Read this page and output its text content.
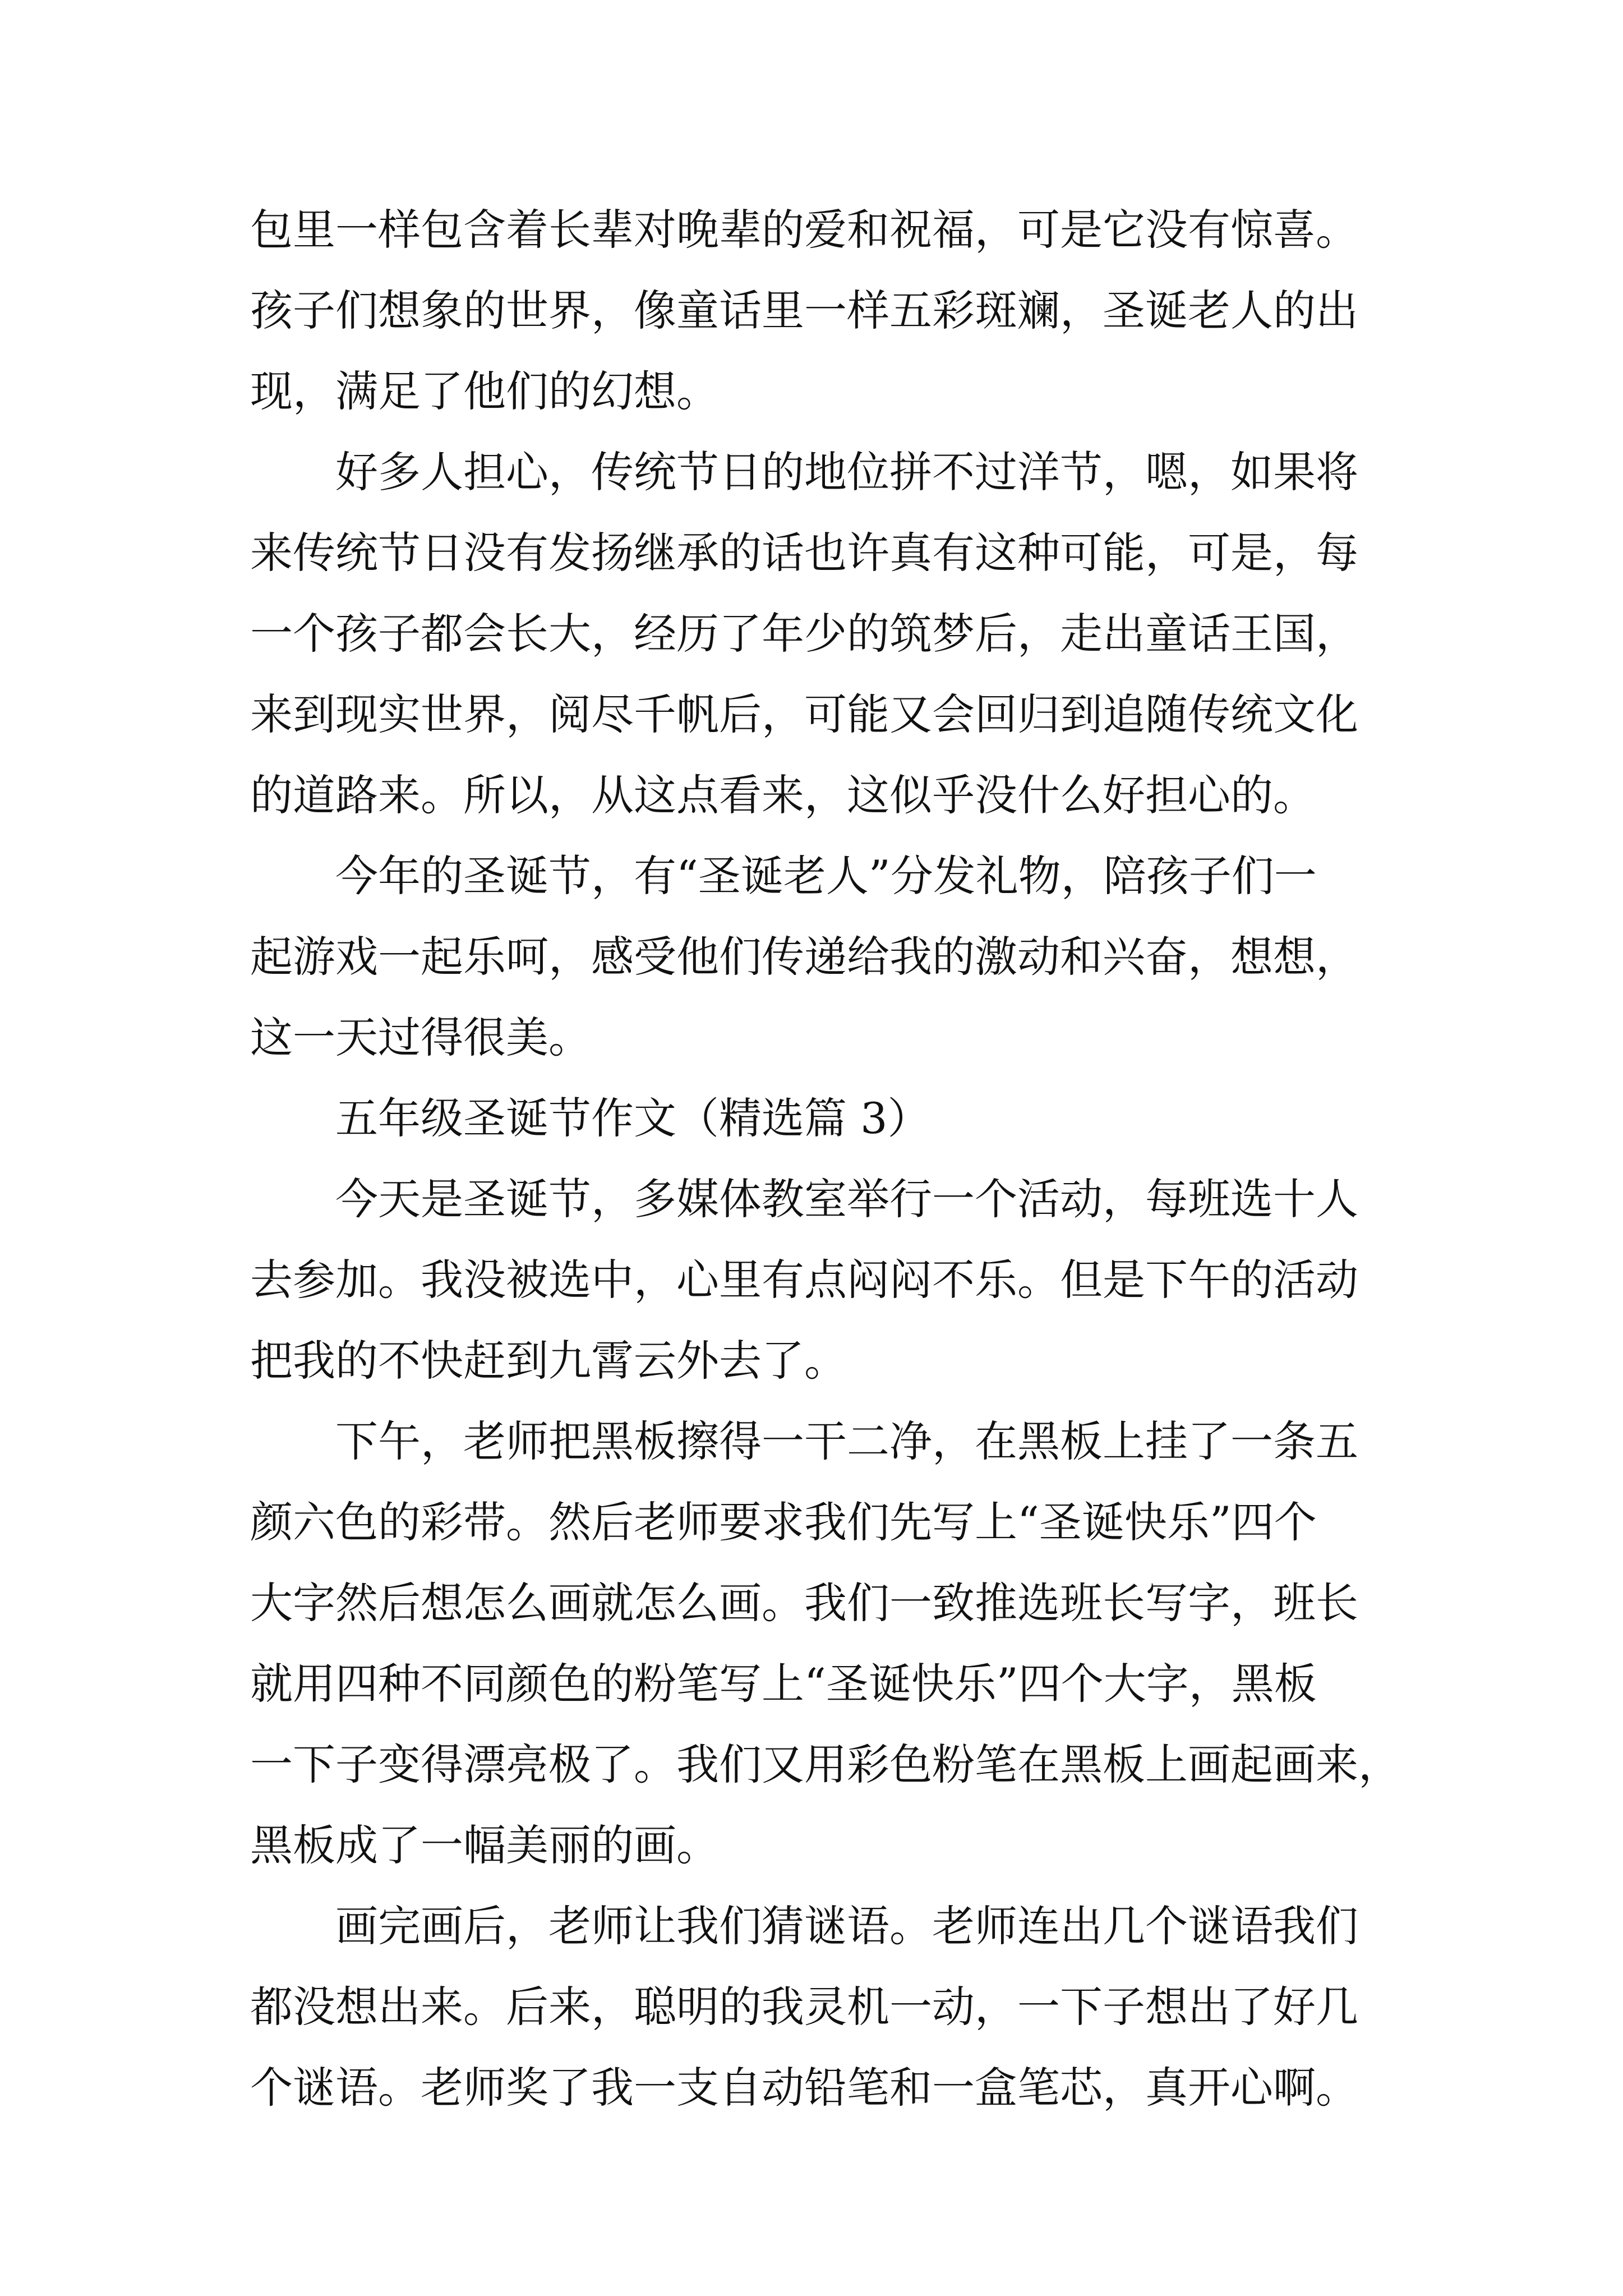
包里一样包含着长辈对晚辈的爱和祝福，可是它没有惊喜。
孩子们想象的世界，像童话里一样五彩斑斓，圣诞老人的出
现，满足了他们的幻想。
　　好多人担心，传统节日的地位拼不过洋节，嗯，如果将
来传统节日没有发扬继承的话也许真有这种可能，可是，每
一个孩子都会长大，经历了年少的筑梦后，走出童话王国，
来到现实世界，阅尽千帆后，可能又会回归到追随传统文化
的道路来。所以，从这点看来，这似乎没什么好担心的。
　　今年的圣诞节，有“圣诞老人”分发礼物，陪孩子们一
起游戏一起乐呵，感受他们传递给我的激动和兴奋，想想，
这一天过得很美。
　　五年级圣诞节作文（精选篇 3）
　　今天是圣诞节，多媒体教室举行一个活动，每班选十人
去参加。我没被选中，心里有点闷闷不乐。但是下午的活动
把我的不快赶到九霄云外去了。
　　下午，老师把黑板擦得一干二净，在黑板上挂了一条五
颜六色的彩带。然后老师要求我们先写上“圣诞快乐”四个
大字然后想怎么画就怎么画。我们一致推选班长写字，班长
就用四种不同颜色的粉笔写上“圣诞快乐”四个大字，黑板
一下子变得漂亮极了。我们又用彩色粉笔在黑板上画起画来，
黑板成了一幅美丽的画。
　　画完画后，老师让我们猜谜语。老师连出几个谜语我们
都没想出来。后来，聪明的我灵机一动，一下子想出了好几
个谜语。老师奖了我一支自动铅笔和一盒笔芯，真开心啊。
